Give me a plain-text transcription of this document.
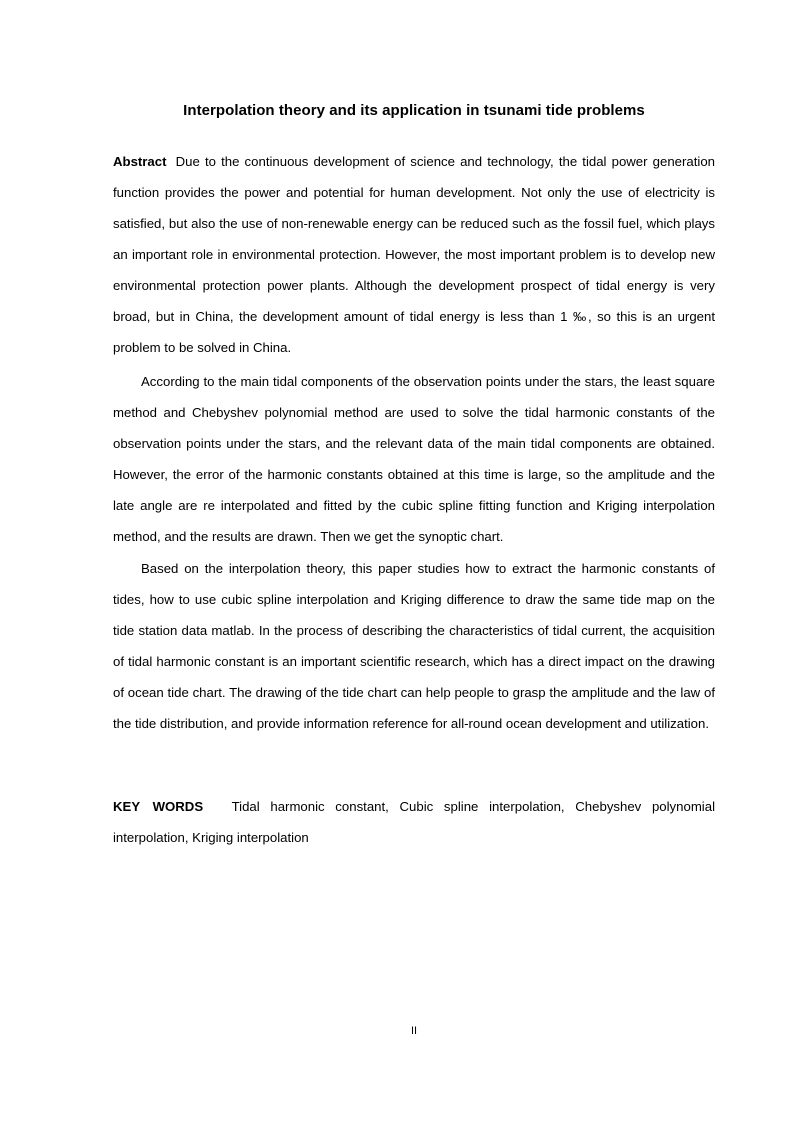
Interpolation theory and its application in tsunami tide problems

Abstract Due to the continuous development of science and technology, the tidal power generation function provides the power and potential for human development. Not only the use of electricity is satisfied, but also the use of non-renewable energy can be reduced such as the fossil fuel, which plays an important role in environmental protection. However, the most important problem is to develop new environmental protection power plants. Although the development prospect of tidal energy is very broad, but in China, the development amount of tidal energy is less than 1 ‰, so this is an urgent problem to be solved in China.

According to the main tidal components of the observation points under the stars, the least square method and Chebyshev polynomial method are used to solve the tidal harmonic constants of the observation points under the stars, and the relevant data of the main tidal components are obtained. However, the error of the harmonic constants obtained at this time is large, so the amplitude and the late angle are re interpolated and fitted by the cubic spline fitting function and Kriging interpolation method, and the results are drawn. Then we get the synoptic chart.

Based on the interpolation theory, this paper studies how to extract the harmonic constants of tides, how to use cubic spline interpolation and Kriging difference to draw the same tide map on the tide station data matlab. In the process of describing the characteristics of tidal current, the acquisition of tidal harmonic constant is an important scientific research, which has a direct impact on the drawing of ocean tide chart. The drawing of the tide chart can help people to grasp the amplitude and the law of the tide distribution, and provide information reference for all-round ocean development and utilization.

KEY WORDS Tidal harmonic constant, Cubic spline interpolation, Chebyshev polynomial interpolation, Kriging interpolation

II
